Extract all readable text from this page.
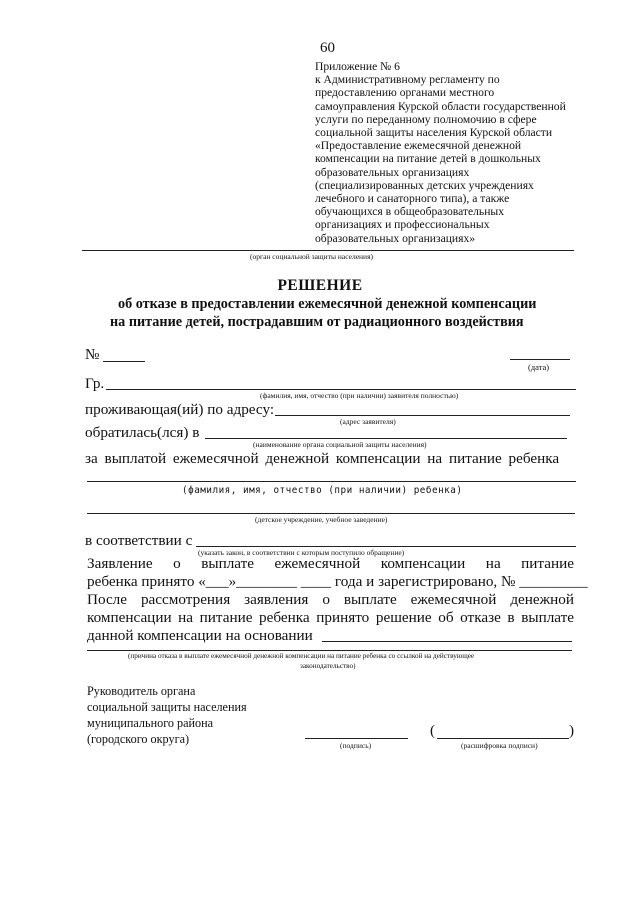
60
Приложение № 6
к Административному регламенту по
предоставлению органами местного
самоуправления Курской области государственной
услуги по переданному полномочию в сфере
социальной защиты населения Курской области
«Предоставление ежемесячной денежной
компенсации на питание детей в дошкольных
образовательных организациях
(специализированных детских учреждениях
лечебного и санаторного типа), а также
обучающихся в общеобразовательных
организациях и профессиональных
образовательных организациях»
(орган социальной защиты населения)
РЕШЕНИЕ
об отказе в предоставлении ежемесячной денежной компенсации
на питание детей, пострадавшим от радиационного воздействия
№
(дата)
Гр.
(фамилия, имя, отчество (при наличии) заявителя полностью)
проживающая(ий) по адресу:
(адрес заявителя)
обратилась(лся) в
(наименование органа социальной защиты населения)
за выплатой ежемесячной денежной компенсации на питание ребенка
(фамилия, имя, отчество (при наличии) ребенка)
(детское учреждение, учебное заведение)
в соответствии с
(указать закон, в соответствии с которым поступило обращение)
Заявление о выплате ежемесячной компенсации на питание
ребенка принято «___»________ ____ года и зарегистрировано, № _________
После рассмотрения заявления о выплате ежемесячной денежной
компенсации на питание ребенка принято решение об отказе в выплате
данной компенсации на основании
(причина отказа в выплате ежемесячной денежной компенсации на питание ребенка со ссылкой на действующее
законодательство)
Руководитель органа
социальной защиты населения
муниципального района
(городского округа)	(подпись)
(	)
(расшифровка подписи)
